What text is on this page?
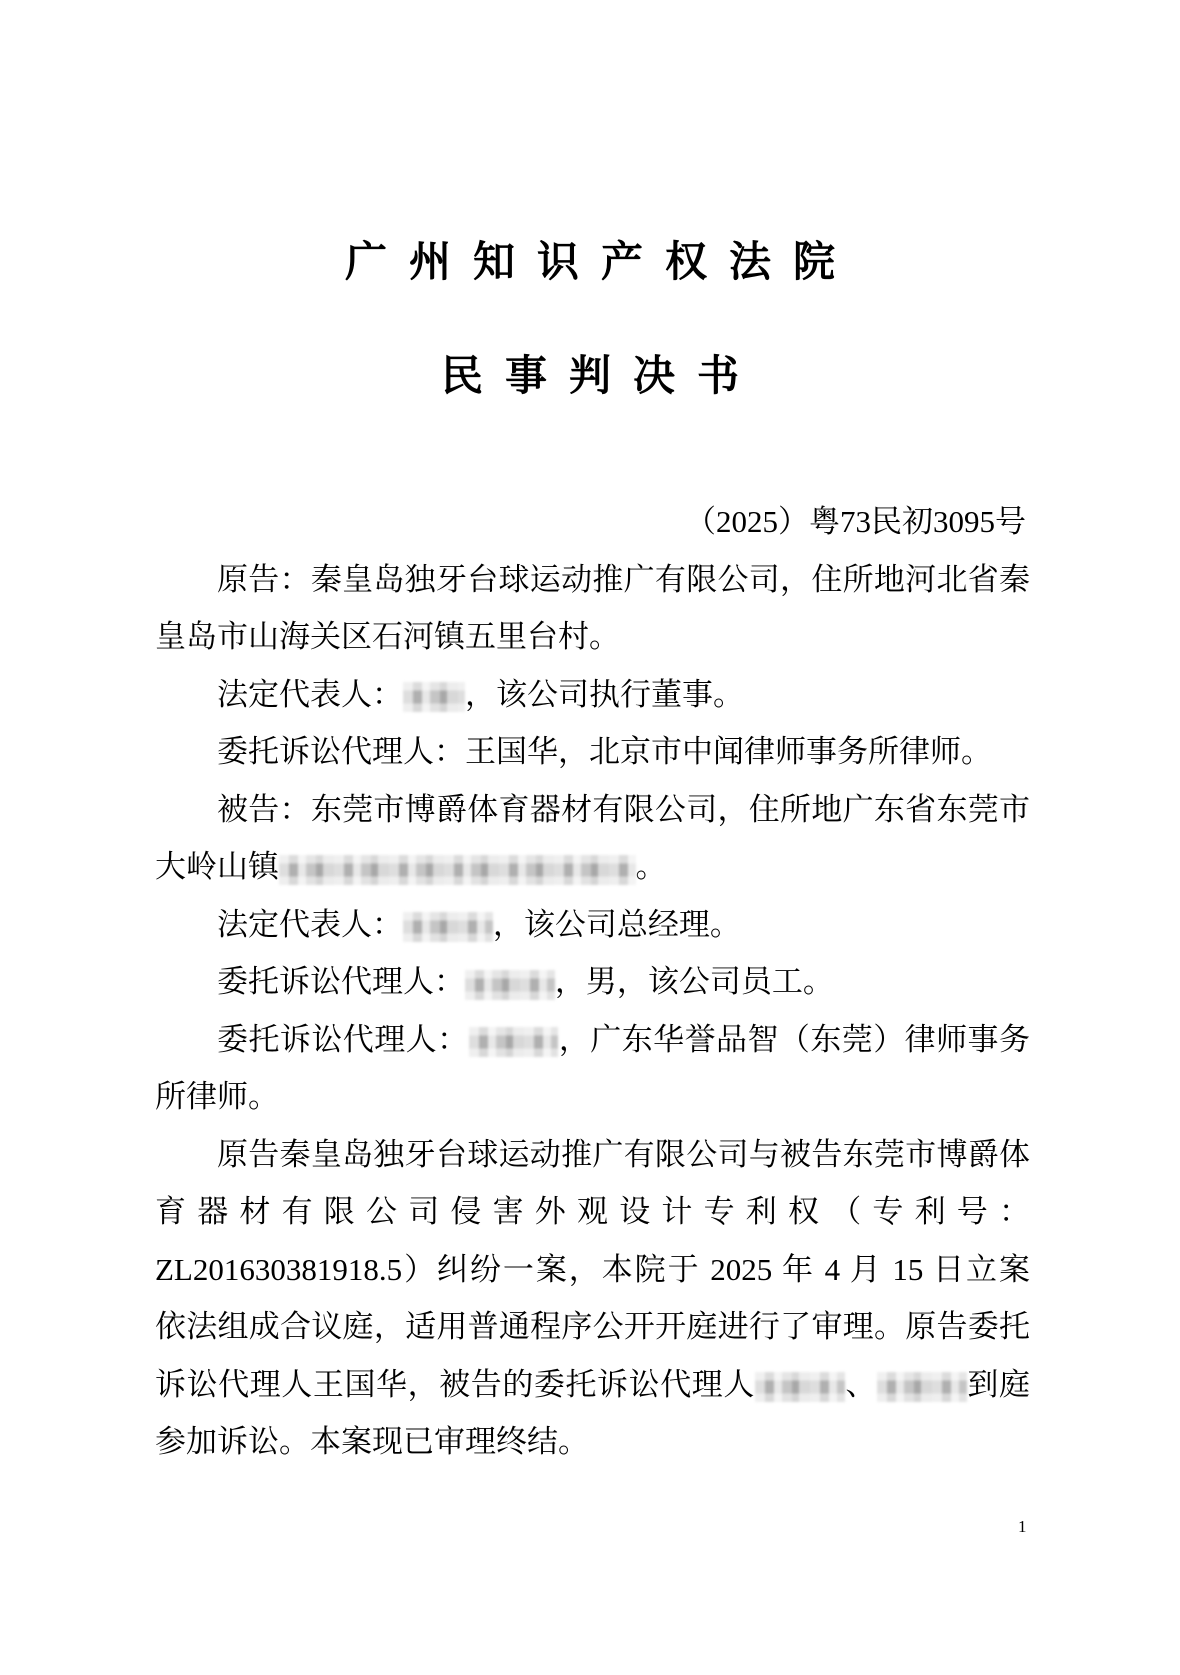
广州知识产权法院
民事判决书
（2025）粤73民初3095号
原告：秦皇岛独牙台球运动推广有限公司，住所地河北省秦
皇岛市山海关区石河镇五里台村。
法定代表人： ，该公司执行董事。
委托诉讼代理人：王国华，北京市中闻律师事务所律师。
被告：东莞市博爵体育器材有限公司，住所地广东省东莞市
大岭山镇	。
法定代表人：	，该公司总经理。
委托诉讼代理人：	，男，该公司员工。
委托诉讼代理人：	，广东华誉品智（东莞）律师事务
所律师。
原告秦皇岛独牙台球运动推广有限公司与被告东莞市博爵体
育器材有限公司侵害外观设计专利权（专利号：
ZL201630381918.5）纠纷一案，本院于 2025 年 4 月 15 日立案
依法组成合议庭，适用普通程序公开开庭进行了审理。原告委托
诉讼代理人王国华，被告的委托诉讼代理人	、	到庭
参加诉讼。本案现已审理终结。
1
